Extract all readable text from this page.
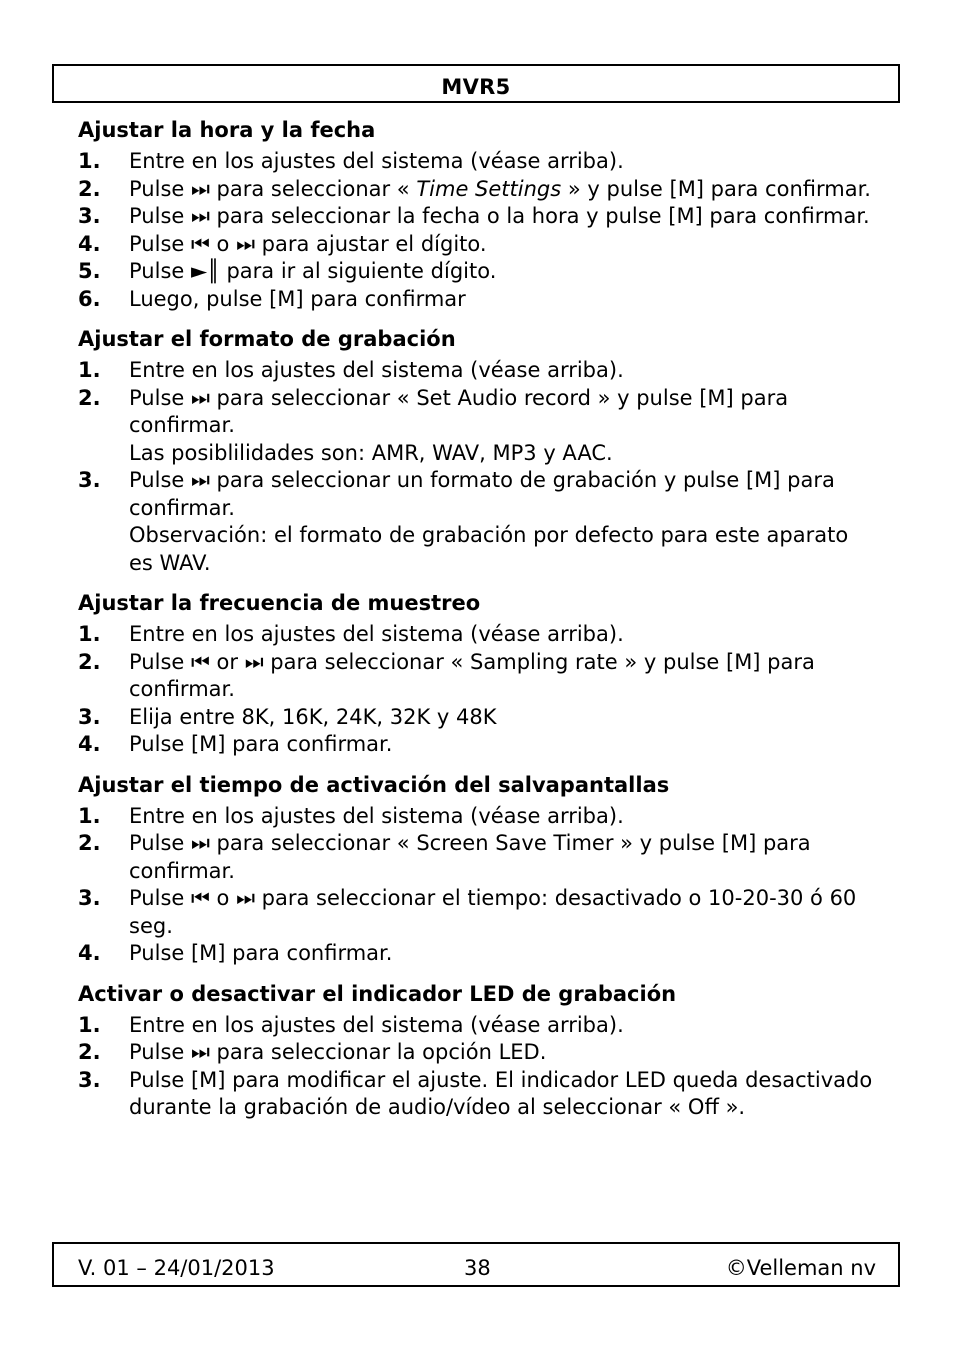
MVR5
Ajustar la hora y la fecha
1. Entre en los ajustes del sistema (véase arriba).
2. Pulse ⏭ para seleccionar « Time Settings » y pulse [M] para confirmar.
3. Pulse ⏭ para seleccionar la fecha o la hora y pulse [M] para confirmar.
4. Pulse ⏮ o ⏭ para ajustar el dígito.
5. Pulse ►║ para ir al siguiente dígito.
6. Luego, pulse [M] para confirmar
Ajustar el formato de grabación
1. Entre en los ajustes del sistema (véase arriba).
2. Pulse ⏭ para seleccionar « Set Audio record » y pulse [M] para confirmar.
Las posiblilidades son: AMR, WAV, MP3 y AAC.
3. Pulse ⏭ para seleccionar un formato de grabación y pulse [M] para confirmar.
Observación: el formato de grabación por defecto para este aparato es WAV.
Ajustar la frecuencia de muestreo
1. Entre en los ajustes del sistema (véase arriba).
2. Pulse ⏮ or ⏭ para seleccionar « Sampling rate » y pulse [M] para confirmar.
3. Elija entre 8K, 16K, 24K, 32K y 48K
4. Pulse [M] para confirmar.
Ajustar el tiempo de activación del salvapantallas
1. Entre en los ajustes del sistema (véase arriba).
2. Pulse ⏭ para seleccionar « Screen Save Timer » y pulse [M] para confirmar.
3. Pulse ⏮ o ⏭ para seleccionar el tiempo: desactivado o 10-20-30 ó 60 seg.
4. Pulse [M] para confirmar.
Activar o desactivar el indicador LED de grabación
1. Entre en los ajustes del sistema (véase arriba).
2. Pulse ⏭ para seleccionar la opción LED.
3. Pulse [M] para modificar el ajuste. El indicador LED queda desactivado durante la grabación de audio/vídeo al seleccionar « Off ».
V. 01 – 24/01/2013	38	©Velleman nv
